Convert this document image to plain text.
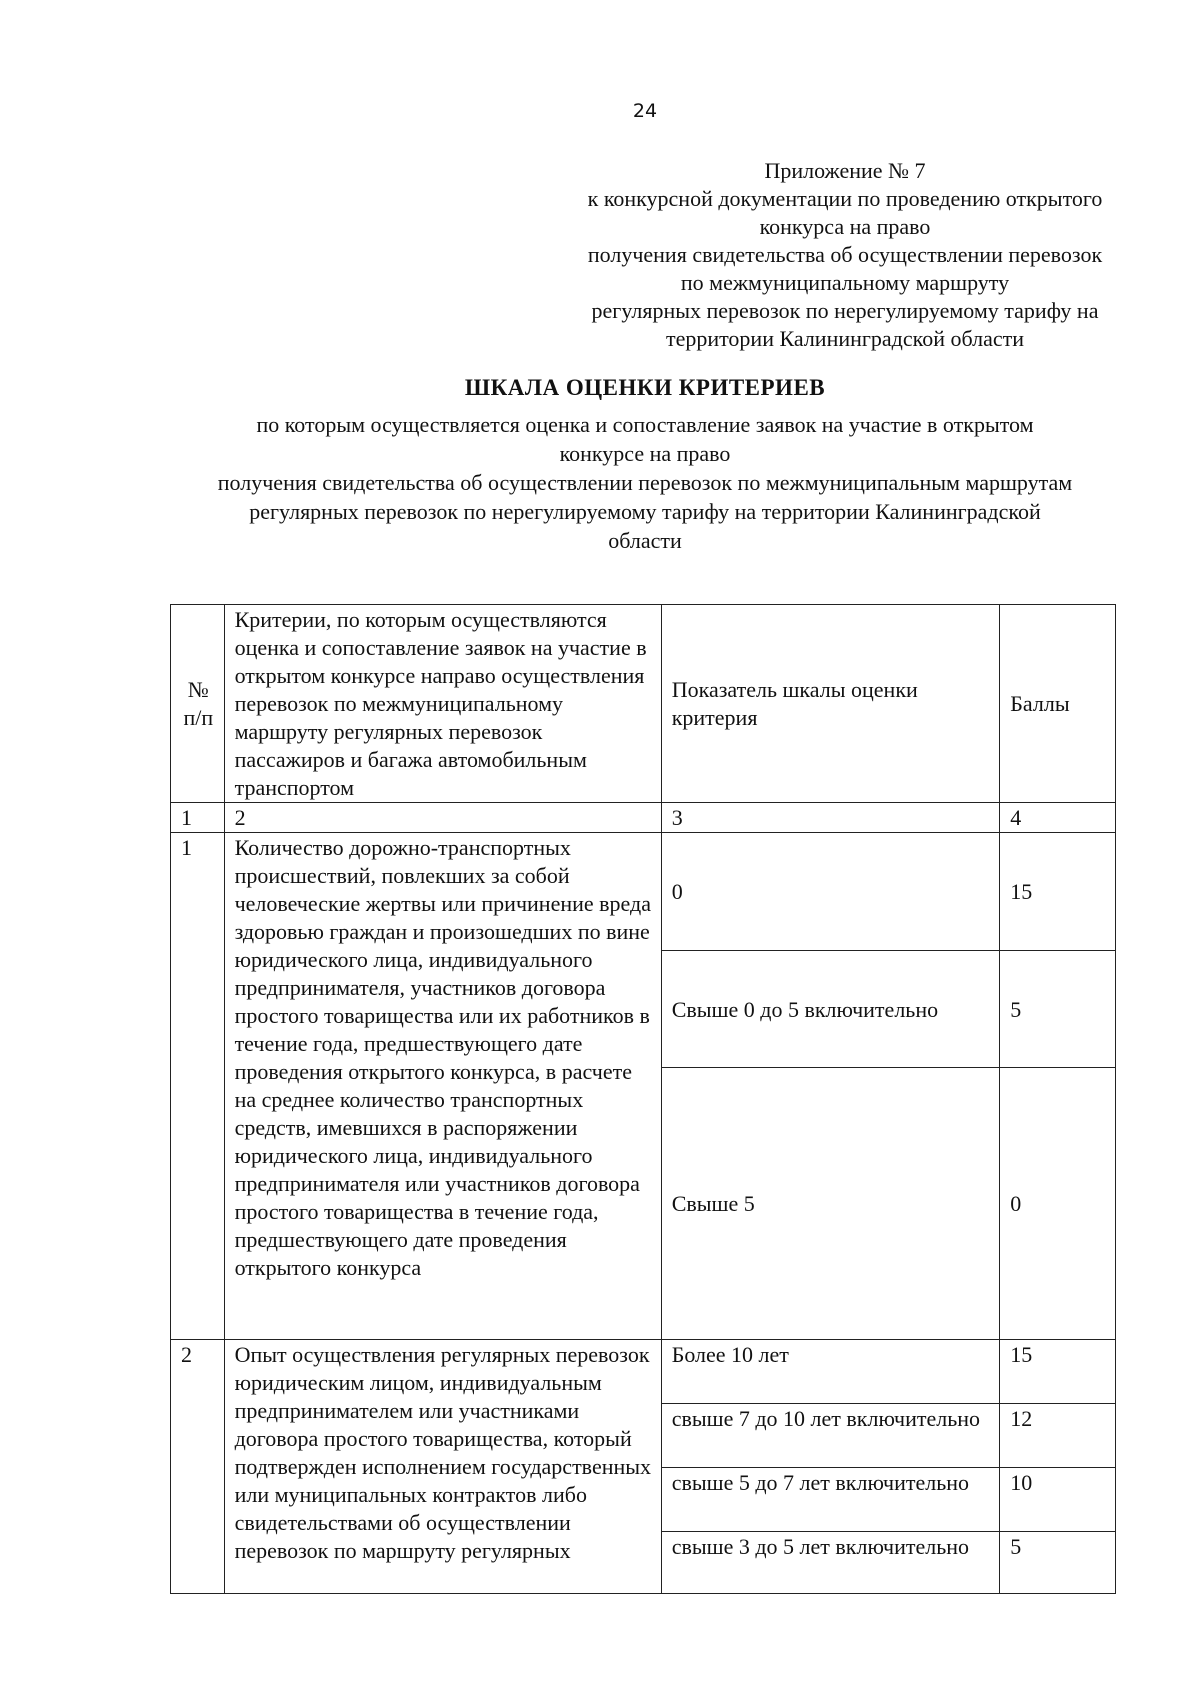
24
Приложение № 7
к конкурсной документации по проведению открытого
конкурса на право
получения свидетельства об осуществлении перевозок
по межмуниципальному маршруту
регулярных перевозок по нерегулируемому тарифу на
территории Калининградской области
ШКАЛА ОЦЕНКИ КРИТЕРИЕВ
по которым осуществляется оценка и сопоставление заявок на участие в открытом
конкурсе на право
получения свидетельства об осуществлении перевозок по межмуниципальным маршрутам
регулярных перевозок по нерегулируемому тарифу на территории Калининградской
области
№ п/п	Критерии, по которым осуществляются оценка и сопоставление заявок на участие в открытом конкурсе направо осуществления перевозок по межмуниципальному маршруту регулярных перевозок пассажиров и багажа автомобильным транспортом	Показатель шкалы оценки критерия	Баллы
1	2	3	4
1	Количество дорожно-транспортных происшествий, повлекших за собой человеческие жертвы или причинение вреда здоровью граждан и произошедших по вине юридического лица, индивидуального предпринимателя, участников договора простого товарищества или их работников в течение года, предшествующего дате проведения открытого конкурса, в расчете на среднее количество транспортных средств, имевшихся в распоряжении юридического лица, индивидуального предпринимателя или участников договора простого товарищества в течение года, предшествующего дате проведения открытого конкурса	0	15
		Свыше 0 до 5 включительно	5
		Свыше 5	0
2	Опыт осуществления регулярных перевозок юридическим лицом, индивидуальным предпринимателем или участниками договора простого товарищества, который подтвержден исполнением государственных или муниципальных контрактов либо свидетельствами об осуществлении перевозок по маршруту регулярных	Более 10 лет	15
		свыше 7 до 10 лет включительно	12
		свыше 5 до 7 лет включительно	10
		свыше 3 до 5 лет включительно	5
